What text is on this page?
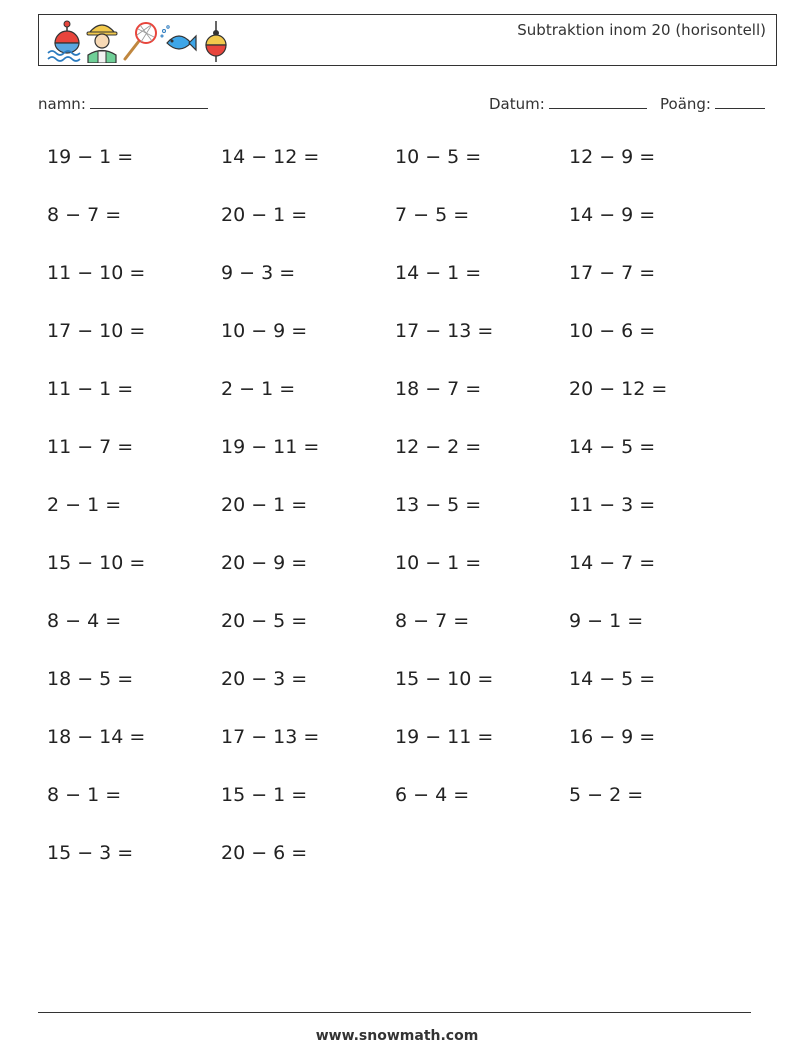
Subtraktion inom 20 (horisontell)
namn:	Datum:	Poäng:
19 − 1 =	14 − 12 =	10 − 5 =	12 − 9 =
8 − 7 =	20 − 1 =	7 − 5 =	14 − 9 =
11 − 10 =	9 − 3 =	14 − 1 =	17 − 7 =
17 − 10 =	10 − 9 =	17 − 13 =	10 − 6 =
11 − 1 =	2 − 1 =	18 − 7 =	20 − 12 =
11 − 7 =	19 − 11 =	12 − 2 =	14 − 5 =
2 − 1 =	20 − 1 =	13 − 5 =	11 − 3 =
15 − 10 =	20 − 9 =	10 − 1 =	14 − 7 =
8 − 4 =	20 − 5 =	8 − 7 =	9 − 1 =
18 − 5 =	20 − 3 =	15 − 10 =	14 − 5 =
18 − 14 =	17 − 13 =	19 − 11 =	16 − 9 =
8 − 1 =	15 − 1 =	6 − 4 =	5 − 2 =
15 − 3 =	20 − 6 =
www.snowmath.com
